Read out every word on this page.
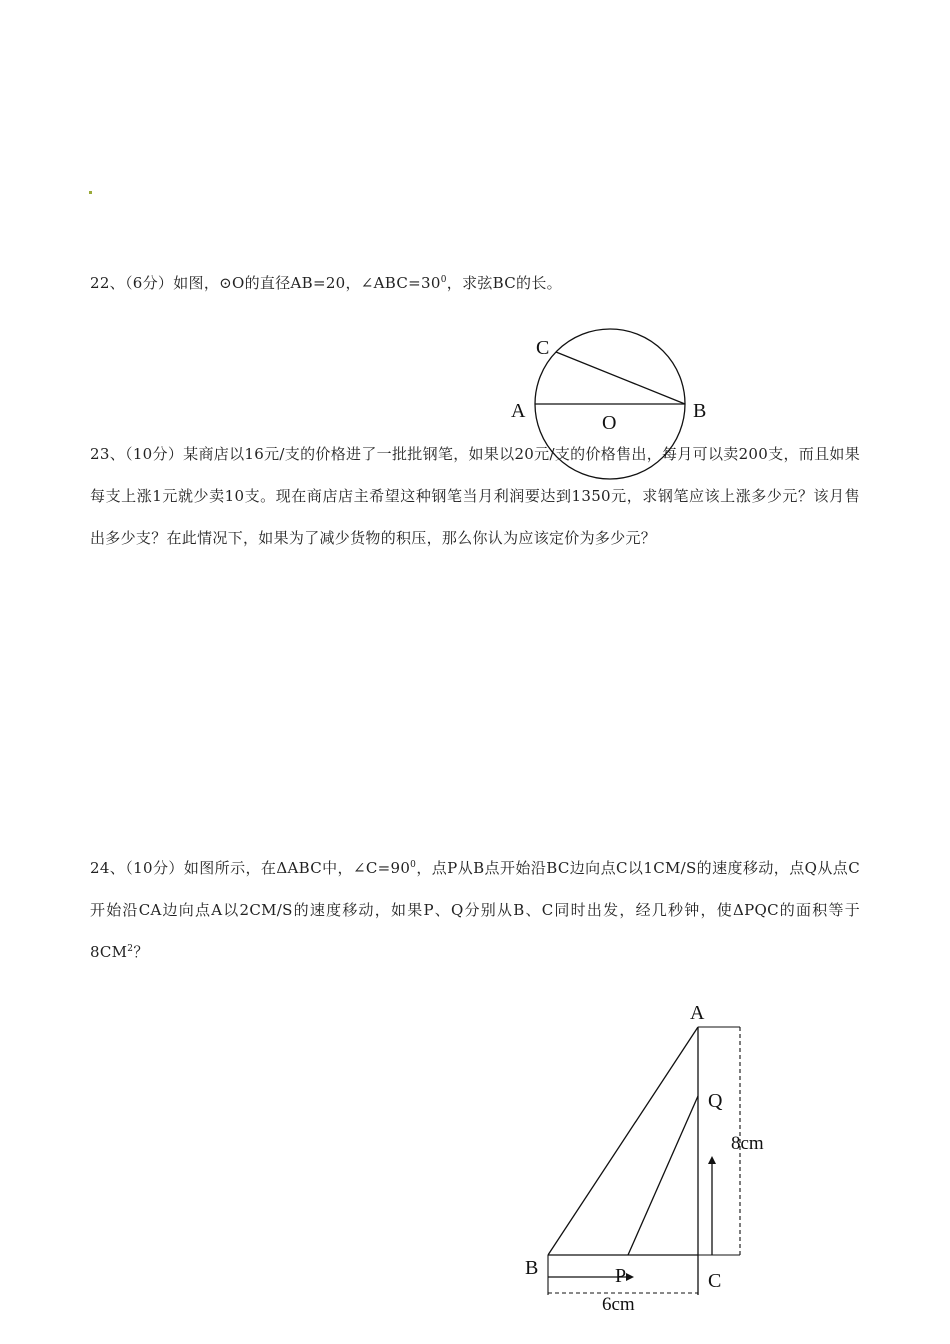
22、（6分）如图，⊙O的直径AB=20，$\angle ABC=30^0$，求弦BC的长。
23、（10分）某商店以16元/支的价格进了一批批钢笔，如果以20元/支的价格售出，每月可以卖200支，而且如果每支上涨1元就少卖10支。现在商店店主希望这种钢笔当月利润要达到1350元，求钢笔应该上涨多少元？该月售出多少支？在此情况下，如果为了减少货物的积压，那么你认为应该定价为多少元？
24、（10分）如图所示，在ΔABC中，$\angle C=90^0$，点P从B点开始沿BC边向点C以1CM/S的速度移动，点Q从点C开始沿CA边向点A以2CM/S的速度移动，如果P、Q分别从B、C同时出发，经几秒钟，使ΔPQC的面积等于$8CM^2$？
C
A	B
O
A
Q
8cm
B	P	C
6cm
